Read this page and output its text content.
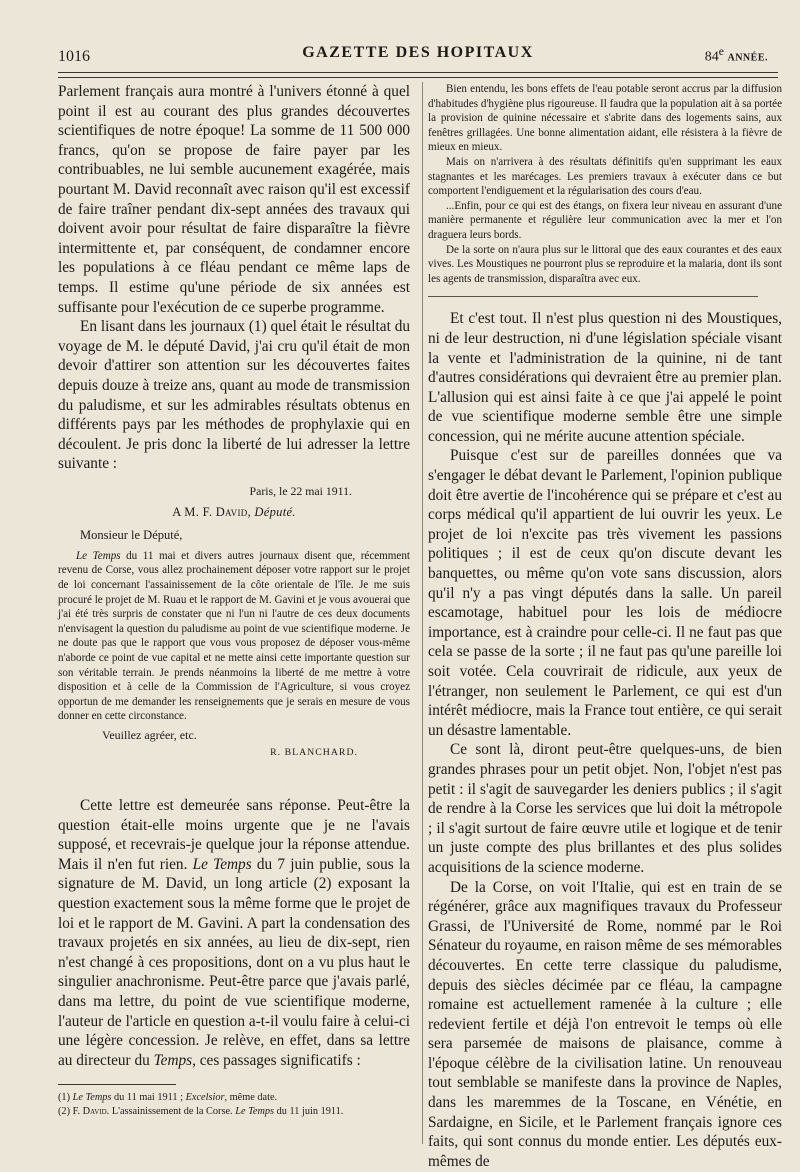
1016	GAZETTE DES HOPITAUX	84e ANNÉE.

Parlement français aura montré à l'univers étonné à quel point il est au courant des plus grandes découvertes scientifiques de notre époque! La somme de 11 500 000 francs, qu'on se propose de faire payer par les contribuables, ne lui semble aucunement exagérée, mais pourtant M. David reconnaît avec raison qu'il est excessif de faire traîner pendant dix-sept années des travaux qui doivent avoir pour résultat de faire disparaître la fièvre intermittente et, par conséquent, de condamner encore les populations à ce fléau pendant ce même laps de temps. Il estime qu'une période de six années est suffisante pour l'exécution de ce superbe programme.

En lisant dans les journaux (1) quel était le résultat du voyage de M. le député David, j'ai cru qu'il était de mon devoir d'attirer son attention sur les découvertes faites depuis douze à treize ans, quant au mode de transmission du paludisme, et sur les admirables résultats obtenus en différents pays par les méthodes de prophylaxie qui en découlent. Je pris donc la liberté de lui adresser la lettre suivante :

Paris, le 22 mai 1911.

A M. F. David, Député.

Monsieur le Député,

Le Temps du 11 mai et divers autres journaux disent que, récemment revenu de Corse, vous allez prochainement déposer votre rapport sur le projet de loi concernant l'assainissement de la côte orientale de l'île. Je me suis procuré le projet de M. Ruau et le rapport de M. Gavini et je vous avouerai que j'ai été très surpris de constater que ni l'un ni l'autre de ces deux documents n'envisagent la question du paludisme au point de vue scientifique moderne. Je ne doute pas que le rapport que vous vous proposez de déposer vous-même n'aborde ce point de vue capital et ne mette ainsi cette importante question sur son véritable terrain. Je prends néanmoins la liberté de me mettre à votre disposition et à celle de la Commission de l'Agriculture, si vous croyez opportun de me demander les renseignements que je serais en mesure de vous donner en cette circonstance.

Veuillez agréer, etc.

R. BLANCHARD.

Cette lettre est demeurée sans réponse. Peut-être la question était-elle moins urgente que je ne l'avais supposé, et recevrais-je quelque jour la réponse attendue. Mais il n'en fut rien. Le Temps du 7 juin publie, sous la signature de M. David, un long article (2) exposant la question exactement sous la même forme que le projet de loi et le rapport de M. Gavini. A part la condensation des travaux projetés en six années, au lieu de dix-sept, rien n'est changé à ces propositions, dont on a vu plus haut le singulier anachronisme. Peut-être parce que j'avais parlé, dans ma lettre, du point de vue scientifique moderne, l'auteur de l'article en question a-t-il voulu faire à celui-ci une légère concession. Je relève, en effet, dans sa lettre au directeur du Temps, ces passages significatifs :

(1) Le Temps du 11 mai 1911 ; Excelsior, même date.

(2) F. David. L'assainissement de la Corse. Le Temps du 11 juin 1911.

Bien entendu, les bons effets de l'eau potable seront accrus par la diffusion d'habitudes d'hygiène plus rigoureuse. Il faudra que la population ait à sa portée la provision de quinine nécessaire et s'abrite dans des logements sains, aux fenêtres grillagées. Une bonne alimentation aidant, elle résistera à la fièvre de mieux en mieux.

Mais on n'arrivera à des résultats définitifs qu'en supprimant les eaux stagnantes et les marécages. Les premiers travaux à exécuter dans ce but comportent l'endiguement et la régularisation des cours d'eau.

...Enfin, pour ce qui est des étangs, on fixera leur niveau en assurant d'une manière permanente et régulière leur communication avec la mer et l'on draguera leurs bords.

De la sorte on n'aura plus sur le littoral que des eaux courantes et des eaux vives. Les Moustiques ne pourront plus se reproduire et la malaria, dont ils sont les agents de transmission, disparaîtra avec eux.

Et c'est tout. Il n'est plus question ni des Moustiques, ni de leur destruction, ni d'une législation spéciale visant la vente et l'administration de la quinine, ni de tant d'autres considérations qui devraient être au premier plan. L'allusion qui est ainsi faite à ce que j'ai appelé le point de vue scientifique moderne semble être une simple concession, qui ne mérite aucune attention spéciale.

Puisque c'est sur de pareilles données que va s'engager le débat devant le Parlement, l'opinion publique doit être avertie de l'incohérence qui se prépare et c'est au corps médical qu'il appartient de lui ouvrir les yeux. Le projet de loi n'excite pas très vivement les passions politiques ; il est de ceux qu'on discute devant les banquettes, ou même qu'on vote sans discussion, alors qu'il n'y a pas vingt députés dans la salle. Un pareil escamotage, habituel pour les lois de médiocre importance, est à craindre pour celle-ci. Il ne faut pas que cela se passe de la sorte ; il ne faut pas qu'une pareille loi soit votée. Cela couvrirait de ridicule, aux yeux de l'étranger, non seulement le Parlement, ce qui est d'un intérêt médiocre, mais la France tout entière, ce qui serait un désastre lamentable.

Ce sont là, diront peut-être quelques-uns, de bien grandes phrases pour un petit objet. Non, l'objet n'est pas petit : il s'agit de sauvegarder les deniers publics ; il s'agit de rendre à la Corse les services que lui doit la métropole ; il s'agit surtout de faire œuvre utile et logique et de tenir un juste compte des plus brillantes et des plus solides acquisitions de la science moderne.

De la Corse, on voit l'Italie, qui est en train de se régénérer, grâce aux magnifiques travaux du Professeur Grassi, de l'Université de Rome, nommé par le Roi Sénateur du royaume, en raison même de ses mémorables découvertes. En cette terre classique du paludisme, depuis des siècles décimée par ce fléau, la campagne romaine est actuellement ramenée à la culture ; elle redevient fertile et déjà l'on entrevoit le temps où elle sera parsemée de maisons de plaisance, comme à l'époque célèbre de la civilisation latine. Un renouveau tout semblable se manifeste dans la province de Naples, dans les maremmes de la Toscane, en Vénétie, en Sardaigne, en Sicile, et le Parlement français ignore ces faits, qui sont connus du monde entier. Les députés eux-mêmes de
